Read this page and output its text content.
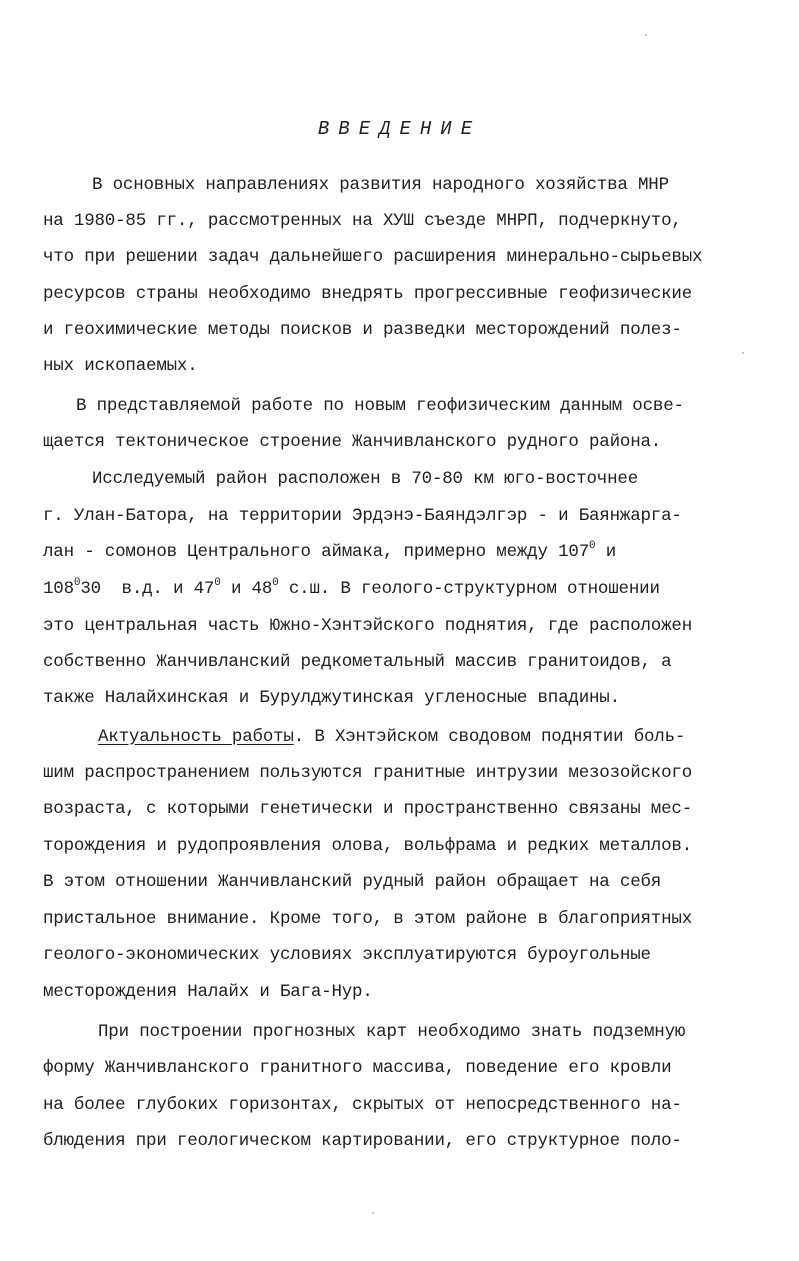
ВВЕДЕНИЕ
В основных направлениях развития народного хозяйства МНР
на 1980-85 гг., рассмотренных на ХУШ съезде МНРП, подчеркнуто,
что при решении задач дальнейшего расширения минерально-сырьевых
ресурсов страны необходимо внедрять прогрессивные геофизические
и геохимические методы поисков и разведки месторождений полез-
ных ископаемых.
В представляемой работе по новым геофизическим данным осве-
щается тектоническое строение Жанчивланского рудного района.
Исследуемый район расположен в 70-80 км юго-восточнее
г. Улан-Батора, на территории Эрдэнэ-Баяндэлгэр - и Баянжарга-
лан - сомонов Центрального аймака, примерно между $107^0$ и
$108^030$  в.д. и $47^0$ и $48^0$ с.ш. В геолого-структурном отношении
это центральная часть Южно-Хэнтэйского поднятия, где расположен
собственно Жанчивланский редкометальный массив гранитоидов, а
также Налайхинская и Бурулджутинская угленосные впадины.
Актуальность работы. В Хэнтэйском сводовом поднятии боль-
шим распространением пользуются гранитные интрузии мезозойского
возраста, с которыми генетически и пространственно связаны мес-
торождения и рудопроявления олова, вольфрама и редких металлов.
В этом отношении Жанчивланский рудный район обращает на себя
пристальное внимание. Кроме того, в этом районе в благоприятных
геолого-экономических условиях эксплуатируются буроугольные
месторождения Налайх и Бага-Нур.
При построении прогнозных карт необходимо знать подземную
форму Жанчивланского гранитного массива, поведение его кровли
на более глубоких горизонтах, скрытых от непосредственного на-
блюдения при геологическом картировании, его структурное поло-
